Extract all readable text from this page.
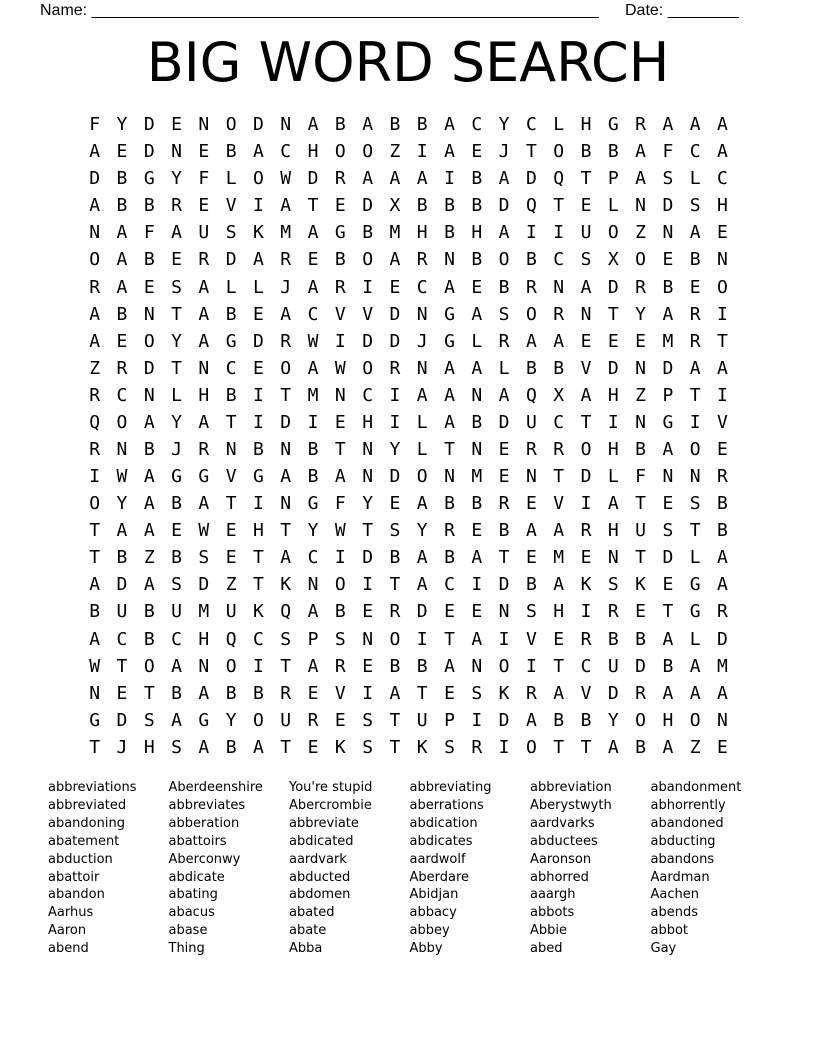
Name: _________________________________________________________ Date: ________
BIG WORD SEARCH
F Y D E N O D N A B A B B A C Y C L H G R A A A
A E D N E B A C H O O Z I A E J T O B B A F C A
D B G Y F L O W D R A A A I B A D Q T P A S L C
A B B R E V I A T E D X B B B D Q T E L N D S H
N A F A U S K M A G B M H B H A I I U O Z N A E
O A B E R D A R E B O A R N B O B C S X O E B N
R A E S A L L J A R I E C A E B R N A D R B E O
A B N T A B E A C V V D N G A S O R N T Y A R I
A E O Y A G D R W I D D J G L R A A E E E M R T
Z R D T N C E O A W O R N A A L B B V D N D A A
R C N L H B I T M N C I A A N A Q X A H Z P T I
Q O A Y A T I D I E H I L A B D U C T I N G I V
R N B J R N B N B T N Y L T N E R R O H B A O E
I W A G G V G A B A N D O N M E N T D L F N N R
O Y A B A T I N G F Y E A B B R E V I A T E S B
T A A E W E H T Y W T S Y R E B A A R H U S T B
T B Z B S E T A C I D B A B A T E M E N T D L A
A D A S D Z T K N O I T A C I D B A K S K E G A
B U B U M U K Q A B E R D E E N S H I R E T G R
A C B C H Q C S P S N O I T A I V E R B B A L D
W T O A N O I T A R E B B A N O I T C U D B A M
N E T B A B B R E V I A T E S K R A V D R A A A
G D S A G Y O U R E S T U P I D A B B Y O H O N
T J H S A B A T E K S T K S R I O T T A B A Z E
abbreviations
abbreviated
abandoning
abatement
abduction
abattoir
abandon
Aarhus
Aaron
abend
Aberdeenshire
abbreviates
abberation
abattoirs
Aberconwy
abdicate
abating
abacus
abase
Thing
You're stupid
Abercrombie
abbreviate
abdicated
aardvark
abducted
abdomen
abated
abate
Abba
abbreviating
aberrations
abdication
abdicates
aardwolf
Aberdare
Abidjan
abbacy
abbey
Abby
abbreviation
Aberystwyth
aardvarks
abductees
Aaronson
abhorred
aaargh
abbots
Abbie
abed
abandonment
abhorrently
abandoned
abducting
abandons
Aardman
Aachen
abends
abbot
Gay
